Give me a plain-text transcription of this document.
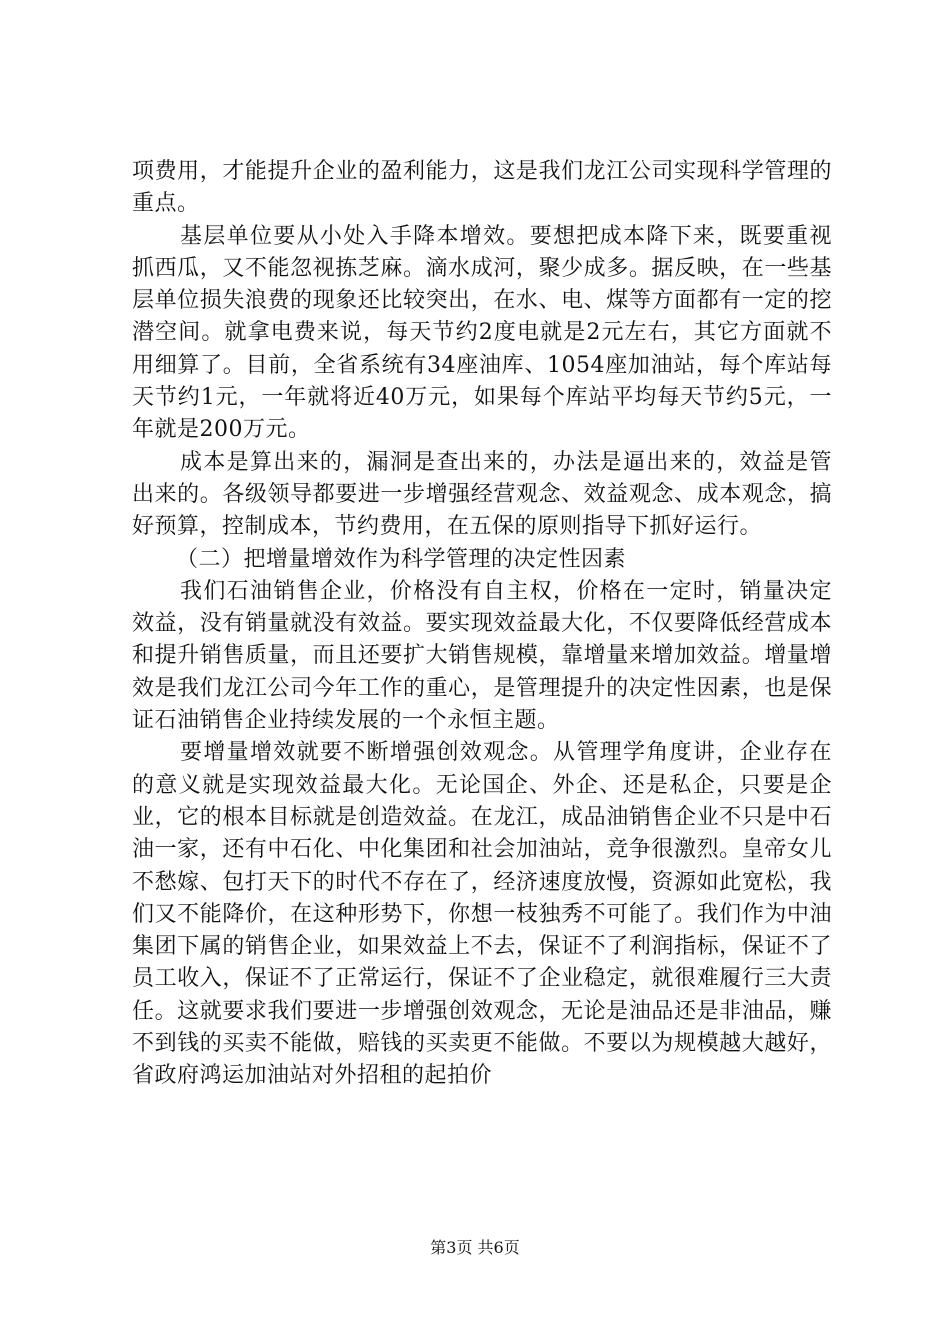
项费用，才能提升企业的盈利能力，这是我们龙江公司实现科学管理的重点。

基层单位要从小处入手降本增效。要想把成本降下来，既要重视抓西瓜，又不能忽视拣芝麻。滴水成河，聚少成多。据反映，在一些基层单位损失浪费的现象还比较突出，在水、电、煤等方面都有一定的挖潜空间。就拿电费来说，每天节约2度电就是2元左右，其它方面就不用细算了。目前，全省系统有34座油库、1054座加油站，每个库站每天节约1元，一年就将近40万元，如果每个库站平均每天节约5元，一年就是200万元。

成本是算出来的，漏洞是查出来的，办法是逼出来的，效益是管出来的。各级领导都要进一步增强经营观念、效益观念、成本观念，搞好预算，控制成本，节约费用，在五保的原则指导下抓好运行。

（二）把增量增效作为科学管理的决定性因素

我们石油销售企业，价格没有自主权，价格在一定时，销量决定效益，没有销量就没有效益。要实现效益最大化，不仅要降低经营成本和提升销售质量，而且还要扩大销售规模，靠增量来增加效益。增量增效是我们龙江公司今年工作的重心，是管理提升的决定性因素，也是保证石油销售企业持续发展的一个永恒主题。

要增量增效就要不断增强创效观念。从管理学角度讲，企业存在的意义就是实现效益最大化。无论国企、外企、还是私企，只要是企业，它的根本目标就是创造效益。在龙江，成品油销售企业不只是中石油一家，还有中石化、中化集团和社会加油站，竞争很激烈。皇帝女儿不愁嫁、包打天下的时代不存在了，经济速度放慢，资源如此宽松，我们又不能降价，在这种形势下，你想一枝独秀不可能了。我们作为中油集团下属的销售企业，如果效益上不去，保证不了利润指标，保证不了员工收入，保证不了正常运行，保证不了企业稳定，就很难履行三大责任。这就要求我们要进一步增强创效观念，无论是油品还是非油品，赚不到钱的买卖不能做，赔钱的买卖更不能做。不要以为规模越大越好，省政府鸿运加油站对外招租的起拍价

第3页 共6页
